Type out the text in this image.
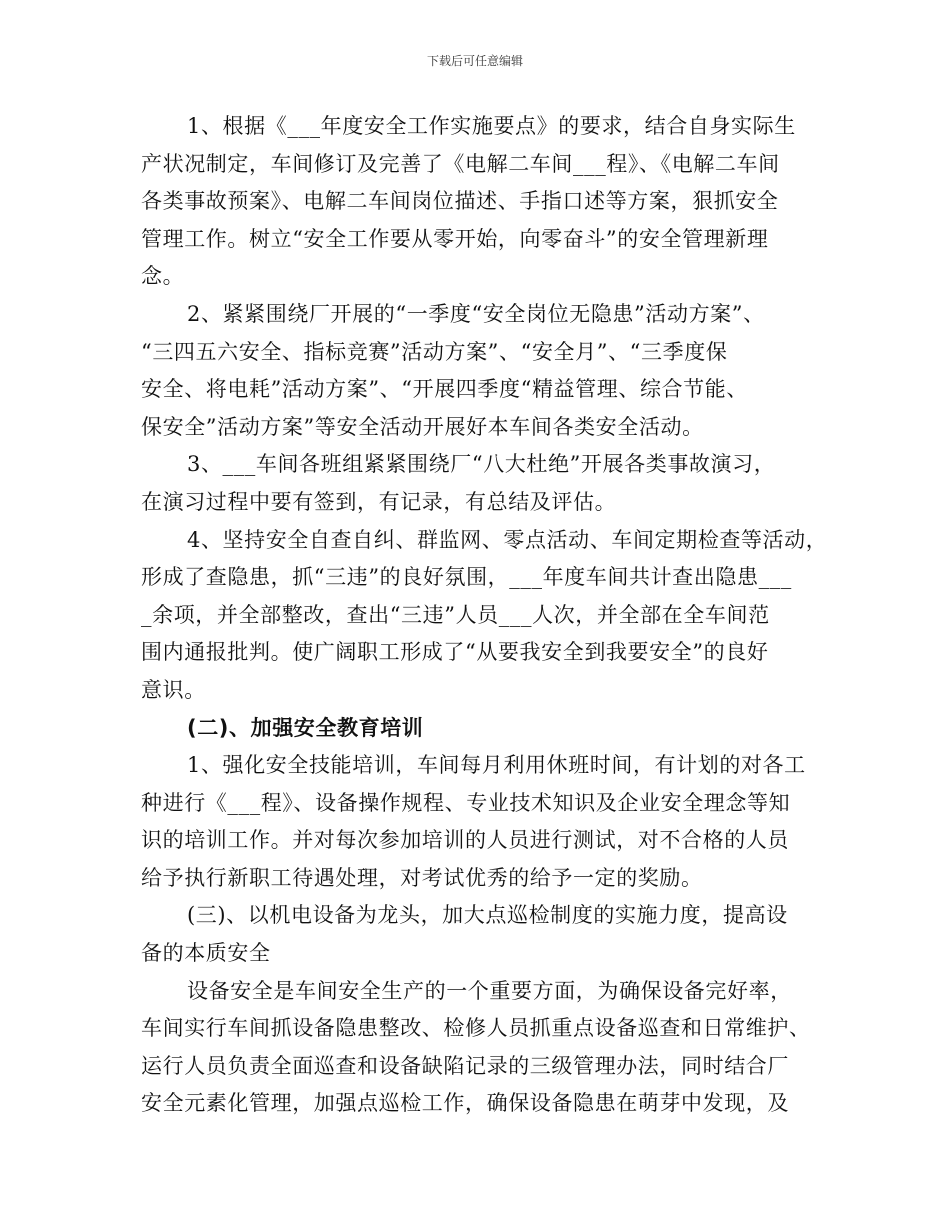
下载后可任意编辑
1、根据《___年度安全工作实施要点》的要求，结合自身实际生
产状况制定，车间修订及完善了《电解二车间___程》、《电解二车间
各类事故预案》、电解二车间岗位描述、手指口述等方案，狠抓安全
管理工作。树立“安全工作要从零开始，向零奋斗”的安全管理新理
念。
2、紧紧围绕厂开展的“一季度“安全岗位无隐患”活动方案”、
“三四五六安全、指标竞赛”活动方案”、“安全月”、“三季度保
安全、将电耗”活动方案”、“开展四季度“精益管理、综合节能、
保安全”活动方案”等安全活动开展好本车间各类安全活动。
3、___车间各班组紧紧围绕厂“八大杜绝”开展各类事故演习，
在演习过程中要有签到，有记录，有总结及评估。
4、坚持安全自查自纠、群监网、零点活动、车间定期检查等活动，
形成了查隐患，抓“三违”的良好氛围，___年度车间共计查出隐患___
_余项，并全部整改，查出“三违”人员___人次，并全部在全车间范
围内通报批判。使广阔职工形成了“从要我安全到我要安全”的良好
意识。
(二)、加强安全教育培训
1、强化安全技能培训，车间每月利用休班时间，有计划的对各工
种进行《___程》、设备操作规程、专业技术知识及企业安全理念等知
识的培训工作。并对每次参加培训的人员进行测试，对不合格的人员
给予执行新职工待遇处理，对考试优秀的给予一定的奖励。
(三)、以机电设备为龙头，加大点巡检制度的实施力度，提高设
备的本质安全
设备安全是车间安全生产的一个重要方面，为确保设备完好率，
车间实行车间抓设备隐患整改、检修人员抓重点设备巡查和日常维护、
运行人员负责全面巡查和设备缺陷记录的三级管理办法，同时结合厂
安全元素化管理，加强点巡检工作，确保设备隐患在萌芽中发现，及
